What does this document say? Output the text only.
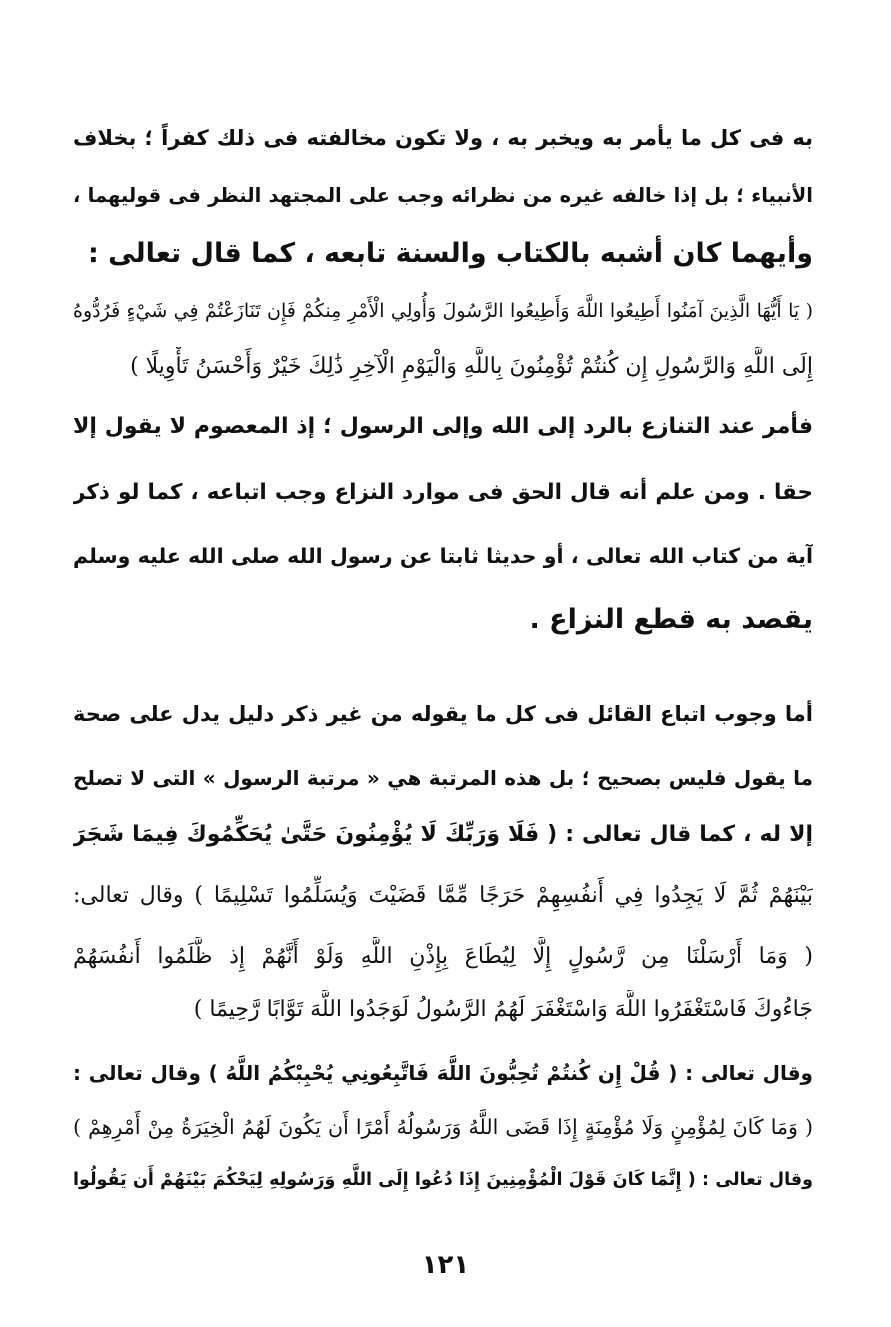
به فى كل ما يأمر به ويخبر به ، ولا تكون مخالفته فى ذلك كفراً ؛ بخلاف
الأنبياء ؛ بل إذا خالفه غيره من نظرائه وجب على المجتهد النظر فى قوليهما ،
وأيهما كان أشبه بالكتاب والسنة تابعه ، كما قال تعالى :
( يَا أَيُّهَا الَّذِينَ آمَنُوا أَطِيعُوا اللَّهَ وَأَطِيعُوا الرَّسُولَ وَأُولِي الْأَمْرِ مِنكُمْ فَإِن تَنَازَعْتُمْ فِي شَيْءٍ فَرُدُّوهُ
إِلَى اللَّهِ وَالرَّسُولِ إِن كُنتُمْ تُؤْمِنُونَ بِاللَّهِ وَالْيَوْمِ الْآخِرِ ذَٰلِكَ خَيْرٌ وَأَحْسَنُ تَأْوِيلًا )
فأمر عند التنازع بالرد إلى الله وإلى الرسول ؛ إذ المعصوم لا يقول إلا
حقا . ومن علم أنه قال الحق فى موارد النزاع وجب اتباعه ، كما لو ذكر
آية من كتاب الله تعالى ، أو حديثا ثابتا عن رسول الله صلى الله عليه وسلم
يقصد به قطع النزاع .
أما وجوب اتباع القائل فى كل ما يقوله من غير ذكر دليل يدل على صحة
ما يقول فليس بصحيح ؛ بل هذه المرتبة هي « مرتبة الرسول » التى لا تصلح
إلا له ، كما قال تعالى : ( فَلَا وَرَبِّكَ لَا يُؤْمِنُونَ حَتَّىٰ يُحَكِّمُوكَ فِيمَا شَجَرَ
بَيْنَهُمْ ثُمَّ لَا يَجِدُوا فِي أَنفُسِهِمْ حَرَجًا مِّمَّا قَضَيْتَ وَيُسَلِّمُوا تَسْلِيمًا ) وقال تعالى:
( وَمَا أَرْسَلْنَا مِن رَّسُولٍ إِلَّا لِيُطَاعَ بِإِذْنِ اللَّهِ وَلَوْ أَنَّهُمْ إِذ ظَّلَمُوا أَنفُسَهُمْ
جَاءُوكَ فَاسْتَغْفَرُوا اللَّهَ وَاسْتَغْفَرَ لَهُمُ الرَّسُولُ لَوَجَدُوا اللَّهَ تَوَّابًا رَّحِيمًا )
وقال تعالى : ( قُلْ إِن كُنتُمْ تُحِبُّونَ اللَّهَ فَاتَّبِعُونِي يُحْبِبْكُمُ اللَّهُ ) وقال تعالى :
( وَمَا كَانَ لِمُؤْمِنٍ وَلَا مُؤْمِنَةٍ إِذَا قَضَى اللَّهُ وَرَسُولُهُ أَمْرًا أَن يَكُونَ لَهُمُ الْخِيَرَةُ مِنْ أَمْرِهِمْ )
وقال تعالى : ( إِنَّمَا كَانَ قَوْلَ الْمُؤْمِنِينَ إِذَا دُعُوا إِلَى اللَّهِ وَرَسُولِهِ لِيَحْكُمَ بَيْنَهُمْ أَن يَقُولُوا
١٢١
